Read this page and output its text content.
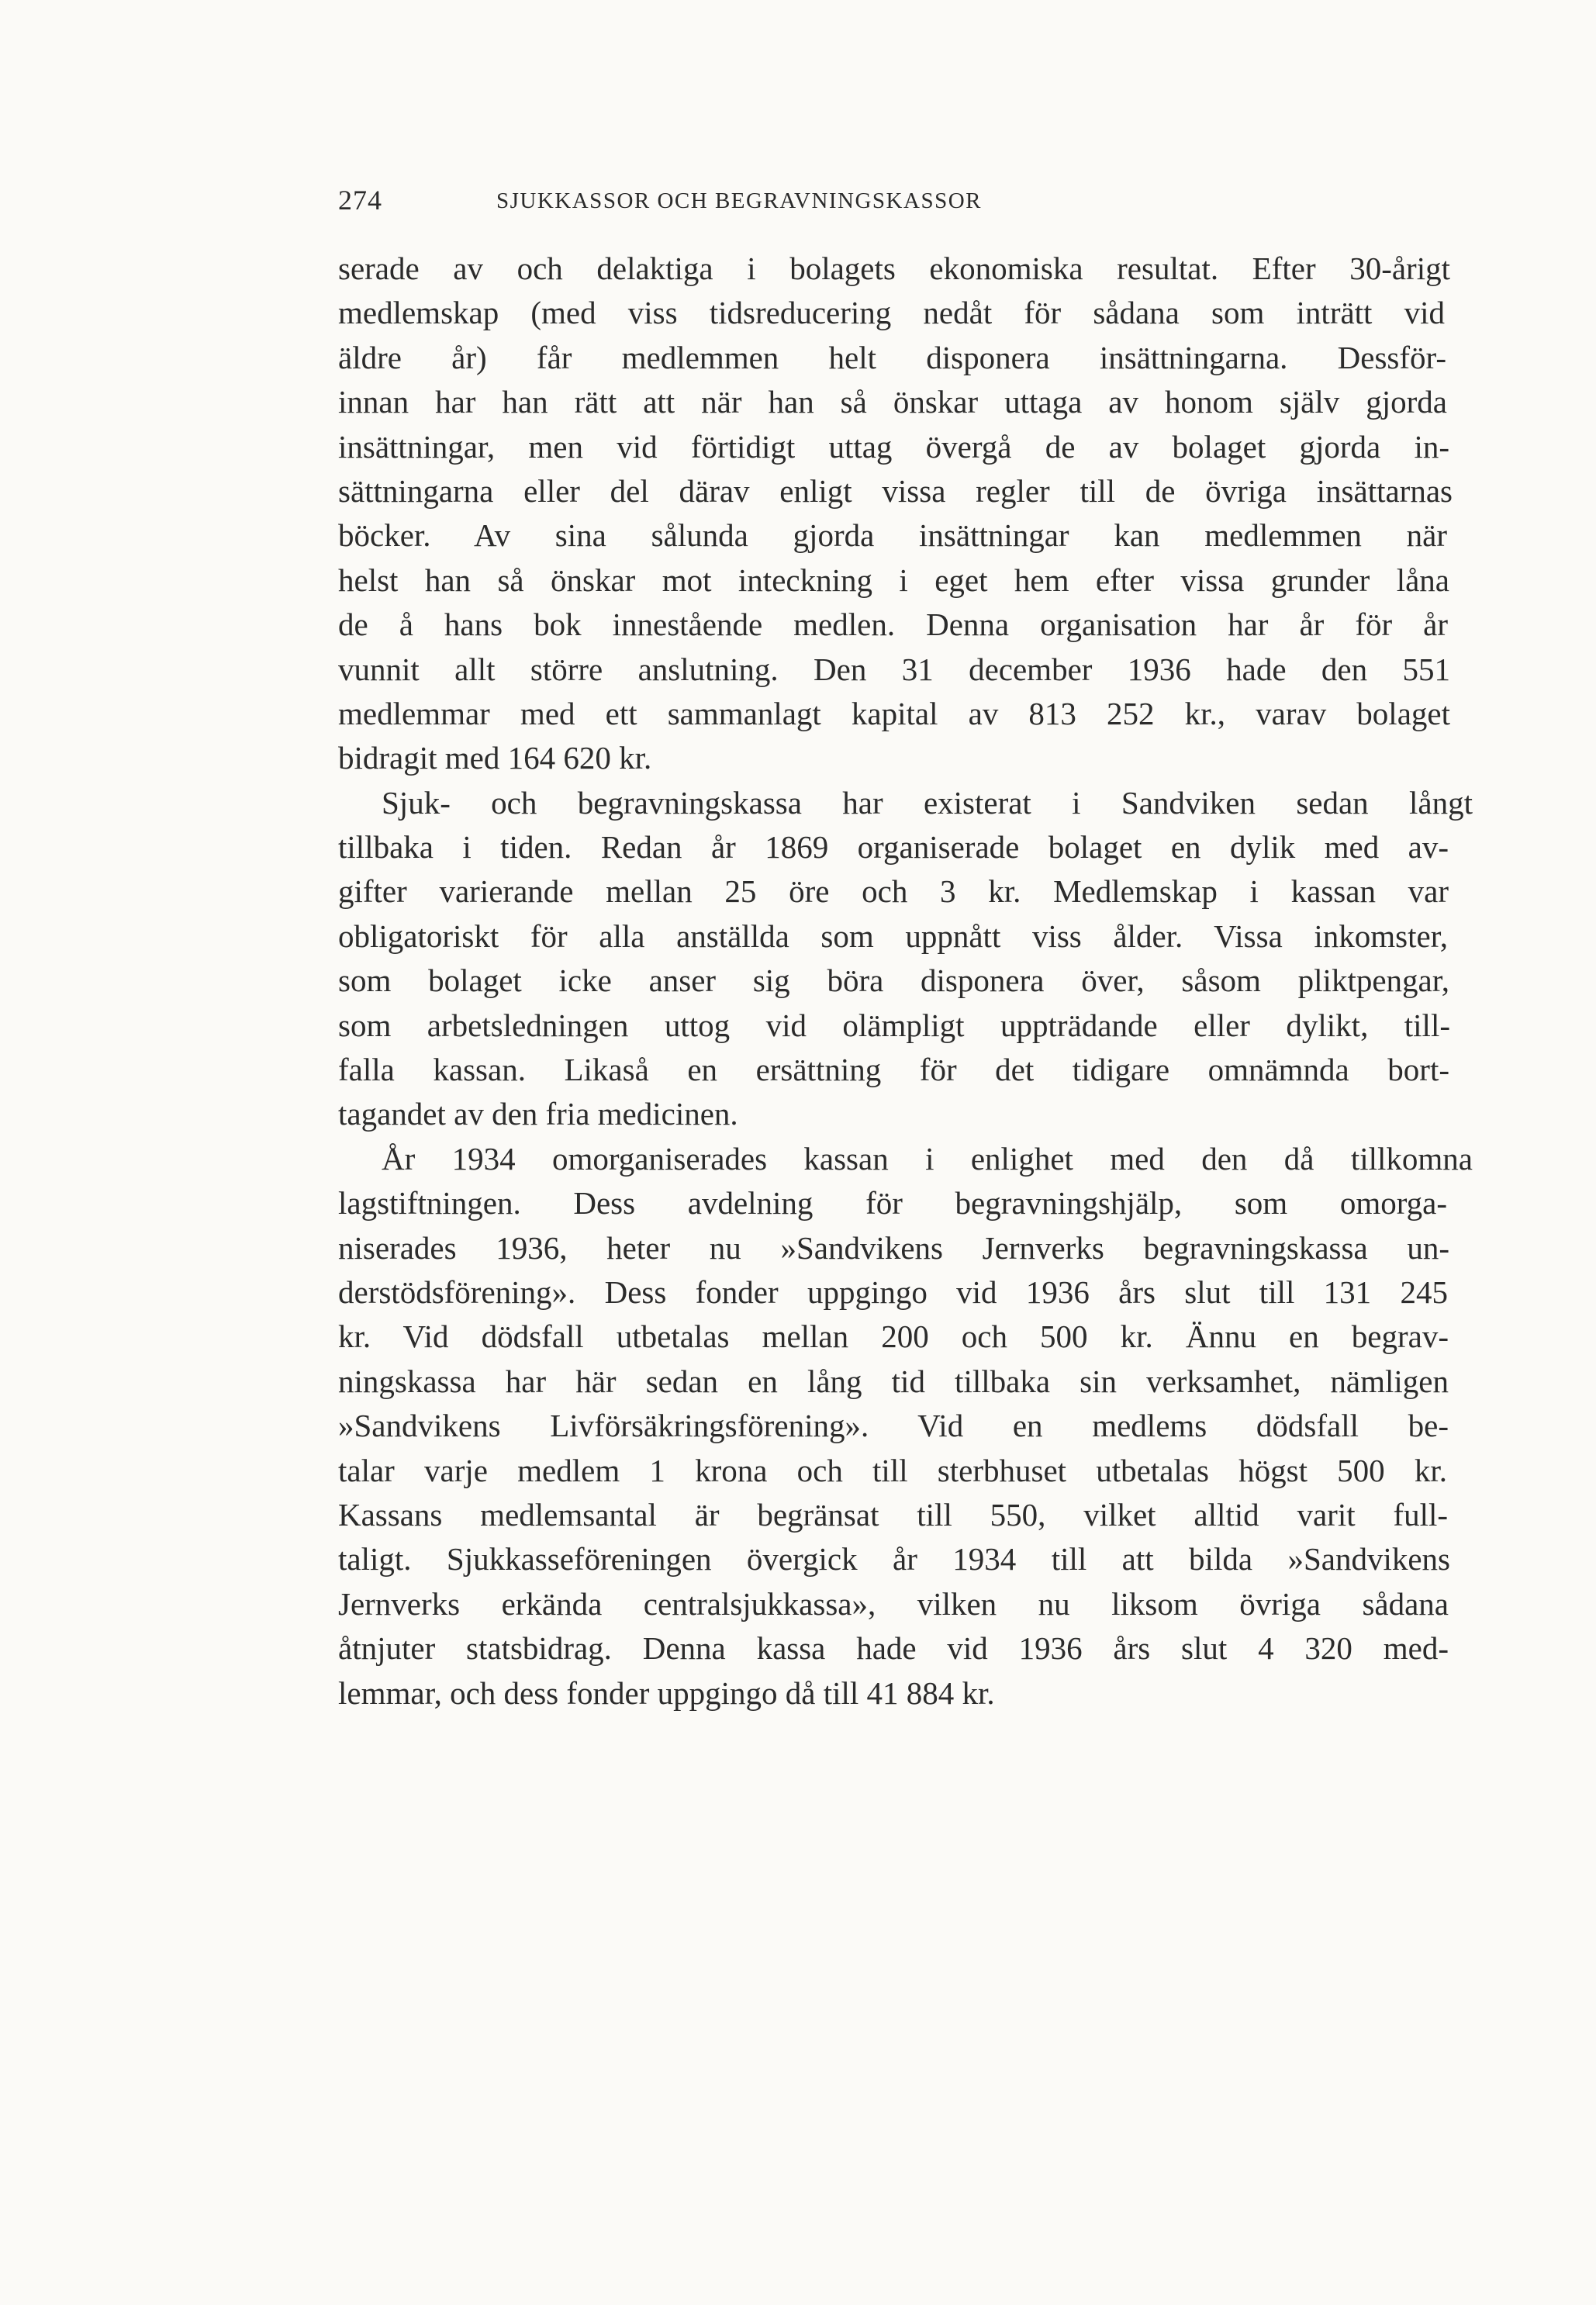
274	SJUKKASSOR OCH BEGRAVNINGSKASSOR
serade av och delaktiga i bolagets ekonomiska resultat. Efter 30-årigt
medlemskap (med viss tidsreducering nedåt för sådana som inträtt vid
äldre år) får medlemmen helt disponera insättningarna. Dessför-
innan har han rätt att när han så önskar uttaga av honom själv gjorda
insättningar, men vid förtidigt uttag övergå de av bolaget gjorda in-
sättningarna eller del därav enligt vissa regler till de övriga insättarnas
böcker. Av sina sålunda gjorda insättningar kan medlemmen när
helst han så önskar mot inteckning i eget hem efter vissa grunder låna
de å hans bok innestående medlen. Denna organisation har år för år
vunnit allt större anslutning. Den 31 december 1936 hade den 551
medlemmar med ett sammanlagt kapital av 813 252 kr., varav bolaget
bidragit med 164 620 kr.
Sjuk- och begravningskassa har existerat i Sandviken sedan långt
tillbaka i tiden. Redan år 1869 organiserade bolaget en dylik med av-
gifter varierande mellan 25 öre och 3 kr. Medlemskap i kassan var
obligatoriskt för alla anställda som uppnått viss ålder. Vissa inkomster,
som bolaget icke anser sig böra disponera över, såsom pliktpengar,
som arbetsledningen uttog vid olämpligt uppträdande eller dylikt, till-
falla kassan. Likaså en ersättning för det tidigare omnämnda bort-
tagandet av den fria medicinen.
År 1934 omorganiserades kassan i enlighet med den då tillkomna
lagstiftningen. Dess avdelning för begravningshjälp, som omorga-
niserades 1936, heter nu »Sandvikens Jernverks begravningskassa un-
derstödsförening». Dess fonder uppgingo vid 1936 års slut till 131 245
kr. Vid dödsfall utbetalas mellan 200 och 500 kr. Ännu en begrav-
ningskassa har här sedan en lång tid tillbaka sin verksamhet, nämligen
»Sandvikens Livförsäkringsförening». Vid en medlems dödsfall be-
talar varje medlem 1 krona och till sterbhuset utbetalas högst 500 kr.
Kassans medlemsantal är begränsat till 550, vilket alltid varit full-
taligt. Sjukkasseföreningen övergick år 1934 till att bilda »Sandvikens
Jernverks erkända centralsjukkassa», vilken nu liksom övriga sådana
åtnjuter statsbidrag. Denna kassa hade vid 1936 års slut 4 320 med-
lemmar, och dess fonder uppgingo då till 41 884 kr.
